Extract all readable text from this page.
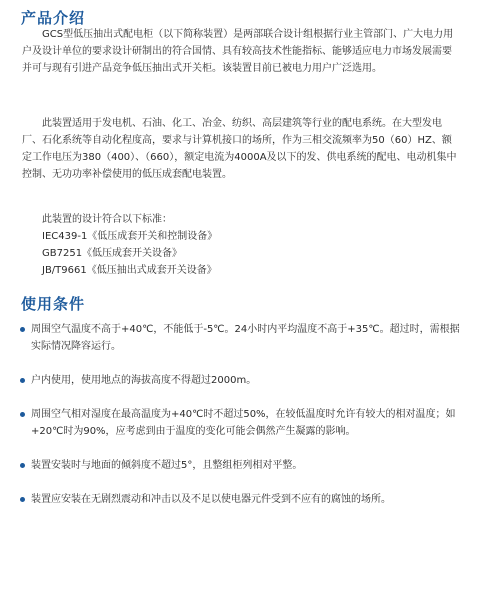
产品介绍

GCS型低压抽出式配电柜（以下简称装置）是两部联合设计组根据行业主管部门、广大电力用户及设计单位的要求设计研制出的符合国情、具有较高技术性能指标、能够适应电力市场发展需要并可与现有引进产品竞争低压抽出式开关柜。该装置目前已被电力用户广泛选用。

此装置适用于发电机、石油、化工、冶金、纺织、高层建筑等行业的配电系统。在大型发电厂、石化系统等自动化程度高，要求与计算机接口的场所，作为三相交流频率为50（60）HZ、额定工作电压为380（400）、（660），额定电流为4000A及以下的发、供电系统的配电、电动机集中控制、无功功率补偿使用的低压成套配电装置。

此装置的设计符合以下标准：

IEC439-1《低压成套开关和控制设备》
GB7251《低压成套开关设备》
JB/T9661《低压抽出式成套开关设备》
使用条件
周围空气温度不高于+40℃，不能低于-5℃。24小时内平均温度不高于+35℃。超过时，需根据实际情况降容运行。
户内使用，使用地点的海拔高度不得超过2000m。
周围空气相对湿度在最高温度为+40℃时不超过50%，在较低温度时允许有较大的相对温度；如+20℃时为90%，应考虑到由于温度的变化可能会偶然产生凝露的影响。
装置安装时与地面的倾斜度不超过5°，且整组柜列相对平整。
装置应安装在无剧烈震动和冲击以及不足以使电器元件受到不应有的腐蚀的场所。
